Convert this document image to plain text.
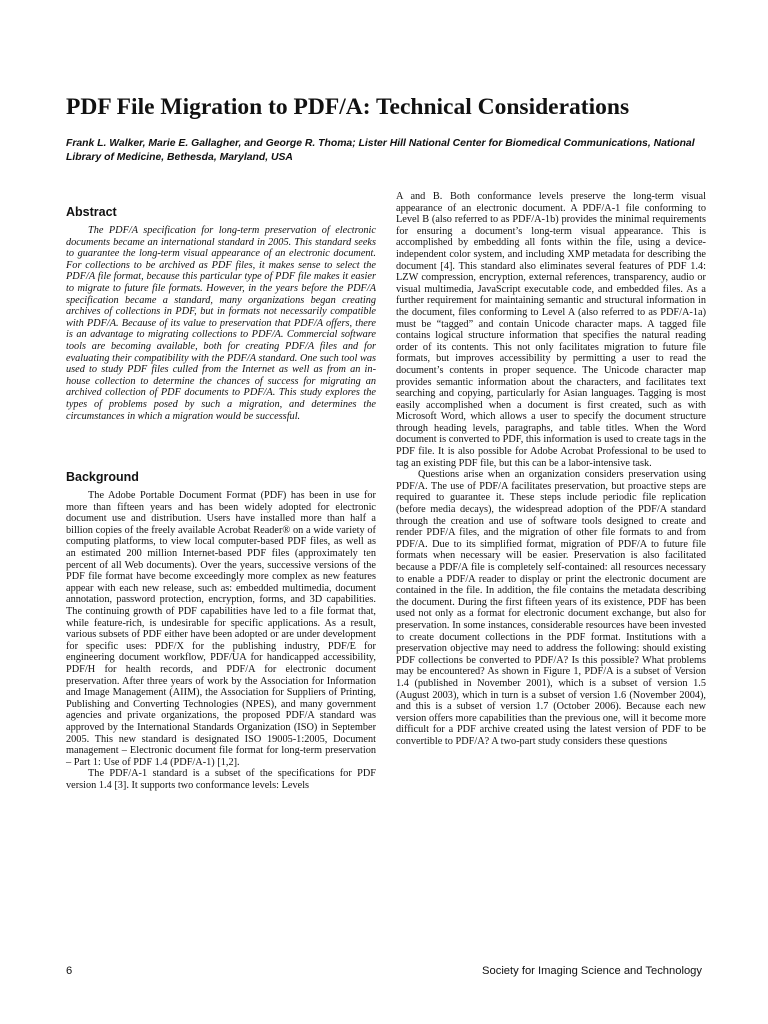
PDF File Migration to PDF/A: Technical Considerations
Frank L. Walker, Marie E. Gallagher, and George R. Thoma; Lister Hill National Center for Biomedical Communications, National Library of Medicine, Bethesda, Maryland, USA
Abstract

The PDF/A specification for long-term preservation of electronic documents became an international standard in 2005. This standard seeks to guarantee the long-term visual appearance of an electronic document. For collections to be archived as PDF files, it makes sense to select the PDF/A file format, because this particular type of PDF file makes it easier to migrate to future file formats. However, in the years before the PDF/A specification became a standard, many organizations began creating archives of collections in PDF, but in formats not necessarily compatible with PDF/A. Because of its value to preservation that PDF/A offers, there is an advantage to migrating collections to PDF/A. Commercial software tools are becoming available, both for creating PDF/A files and for evaluating their compatibility with the PDF/A standard. One such tool was used to study PDF files culled from the Internet as well as from an in-house collection to determine the chances of success for migrating an archived collection of PDF documents to PDF/A. This study explores the types of problems posed by such a migration, and determines the circumstances in which a migration would be successful.

Background

The Adobe Portable Document Format (PDF) has been in use for more than fifteen years and has been widely adopted for electronic document use and distribution. Users have installed more than half a billion copies of the freely available Acrobat Reader® on a wide variety of computing platforms, to view local computer-based PDF files, as well as an estimated 200 million Internet-based PDF files (approximately ten percent of all Web documents). Over the years, successive versions of the PDF file format have become exceedingly more complex as new features appear with each new release, such as: embedded multimedia, document annotation, password protection, encryption, forms, and 3D capabilities. The continuing growth of PDF capabilities have led to a file format that, while feature-rich, is undesirable for specific applications. As a result, various subsets of PDF either have been adopted or are under development for specific uses: PDF/X for the publishing industry, PDF/E for engineering document workflow, PDF/UA for handicapped accessibility, PDF/H for health records, and PDF/A for electronic document preservation. After three years of work by the Association for Information and Image Management (AIIM), the Association for Suppliers of Printing, Publishing and Converting Technologies (NPES), and many government agencies and private organizations, the proposed PDF/A standard was approved by the International Standards Organization (ISO) in September 2005. This new standard is designated ISO 19005-1:2005, Document management – Electronic document file format for long-term preservation – Part 1: Use of PDF 1.4 (PDF/A-1) [1,2].

The PDF/A-1 standard is a subset of the specifications for PDF version 1.4 [3]. It supports two conformance levels: Levels

A and B. Both conformance levels preserve the long-term visual appearance of an electronic document. A PDF/A-1 file conforming to Level B (also referred to as PDF/A-1b) provides the minimal requirements for ensuring a document’s long-term visual appearance. This is accomplished by embedding all fonts within the file, using a device-independent color system, and including XMP metadata for describing the document [4]. This standard also eliminates several features of PDF 1.4: LZW compression, encryption, external references, transparency, audio or visual multimedia, JavaScript executable code, and embedded files. As a further requirement for maintaining semantic and structural information in the document, files conforming to Level A (also referred to as PDF/A-1a) must be “tagged” and contain Unicode character maps. A tagged file contains logical structure information that specifies the natural reading order of its contents. This not only facilitates migration to future file formats, but improves accessibility by permitting a user to read the document’s contents in proper sequence. The Unicode character map provides semantic information about the characters, and facilitates text searching and copying, particularly for Asian languages. Tagging is most easily accomplished when a document is first created, such as with Microsoft Word, which allows a user to specify the document structure through heading levels, paragraphs, and table titles. When the Word document is converted to PDF, this information is used to create tags in the PDF file. It is also possible for Adobe Acrobat Professional to be used to tag an existing PDF file, but this can be a labor-intensive task.

Questions arise when an organization considers preservation using PDF/A. The use of PDF/A facilitates preservation, but proactive steps are required to guarantee it. These steps include periodic file replication (before media decays), the widespread adoption of the PDF/A standard through the creation and use of software tools designed to create and render PDF/A files, and the migration of other file formats to and from PDF/A. Due to its simplified format, migration of PDF/A to future file formats when necessary will be easier. Preservation is also facilitated because a PDF/A file is completely self-contained: all resources necessary to enable a PDF/A reader to display or print the electronic document are contained in the file. In addition, the file contains the metadata describing the document. During the first fifteen years of its existence, PDF has been used not only as a format for electronic document exchange, but also for preservation. In some instances, considerable resources have been invested to create document collections in the PDF format. Institutions with a preservation objective may need to address the following: should existing PDF collections be converted to PDF/A? Is this possible? What problems may be encountered? As shown in Figure 1, PDF/A is a subset of Version 1.4 (published in November 2001), which is a subset of version 1.5 (August 2003), which in turn is a subset of version 1.6 (November 2004), and this is a subset of version 1.7 (October 2006). Because each new version offers more capabilities than the previous one, will it become more difficult for a PDF archive created using the latest version of PDF to be convertible to PDF/A? A two-part study considers these questions

6	Society for Imaging Science and Technology
